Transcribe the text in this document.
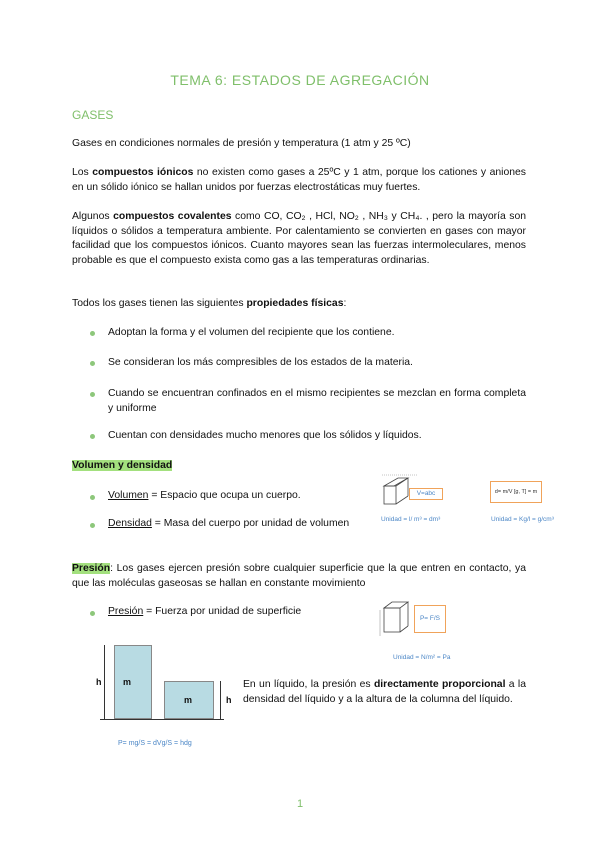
TEMA 6: ESTADOS DE AGREGACIÓN
GASES
Gases en condiciones normales de presión y temperatura (1 atm y 25 ºC)
Los compuestos iónicos no existen como gases a 25ºC y 1 atm, porque los cationes y aniones en un sólido iónico se hallan unidos por fuerzas electrostáticas muy fuertes.
Algunos compuestos covalentes como CO, CO₂ , HCl, NO₂ , NH₃ y CH₄. , pero la mayoría son líquidos o sólidos a temperatura ambiente. Por calentamiento se convierten en gases con mayor facilidad que los compuestos iónicos. Cuanto mayores sean las fuerzas intermoleculares, menos probable es que el compuesto exista como gas a las temperaturas ordinarias.
Todos los gases tienen las siguientes propiedades físicas:
Adoptan la forma y el volumen del recipiente que los contiene.
Se consideran los más compresibles de los estados de la materia.
Cuando se encuentran confinados en el mismo recipientes se mezclan en forma completa y uniforme
Cuentan con densidades mucho menores que los sólidos y líquidos.
Volumen y densidad
Volumen = Espacio que ocupa un cuerpo.
Densidad = Masa del cuerpo por unidad de volumen
V=abc
Unidad = l/ m³ = dm³
d= m/V [g, T] = m
Unidad = Kg/l = g/cm³
Presión: Los gases ejercen presión sobre cualquier superficie que la que entren en contacto, ya que las moléculas gaseosas se hallan en constante movimiento
Presión = Fuerza por unidad de superficie
P= F/S
Unidad = N/m² = Pa
m
h
m	h
En un líquido, la presión es directamente proporcional a la densidad del líquido y a la altura de la columna del líquido.
P= mg/S = dVg/S = hdg
1
